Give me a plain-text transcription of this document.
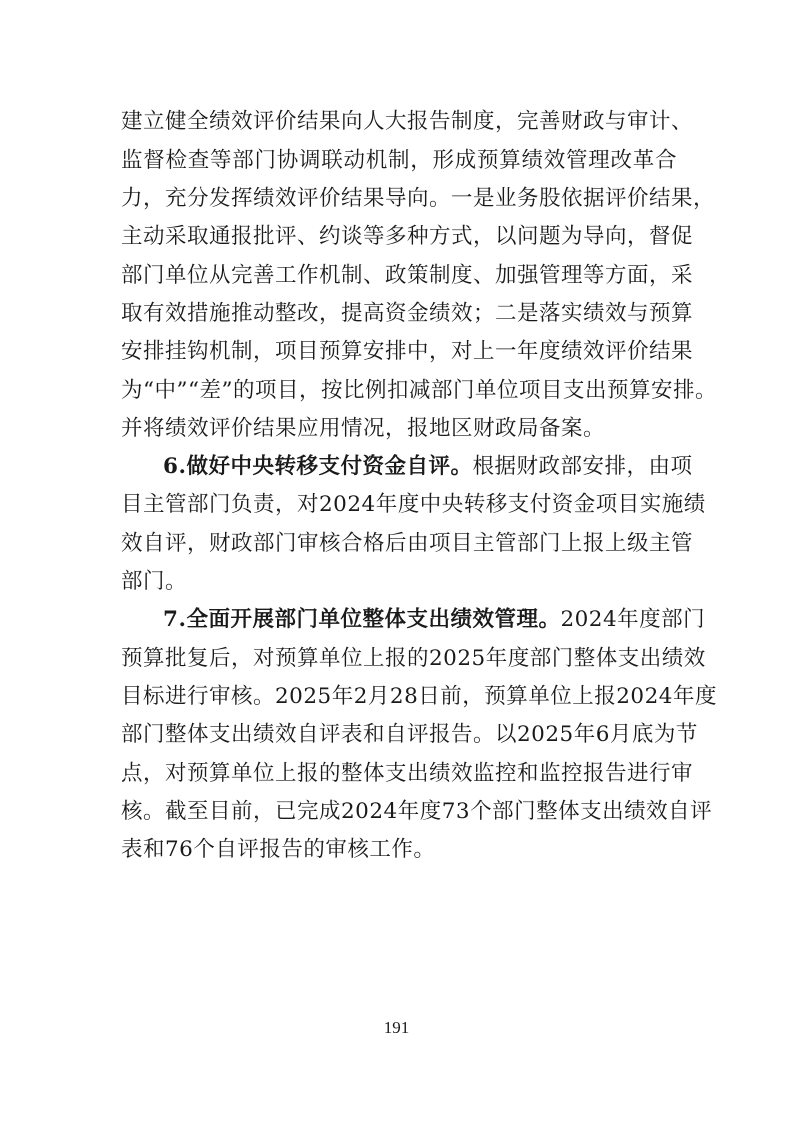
建立健全绩效评价结果向人大报告制度，完善财政与审计、
监督检查等部门协调联动机制，形成预算绩效管理改革合
力，充分发挥绩效评价结果导向。一是业务股依据评价结果，
主动采取通报批评、约谈等多种方式，以问题为导向，督促
部门单位从完善工作机制、政策制度、加强管理等方面，采
取有效措施推动整改，提高资金绩效；二是落实绩效与预算
安排挂钩机制，项目预算安排中，对上一年度绩效评价结果
为“中”“差”的项目，按比例扣减部门单位项目支出预算安排。
并将绩效评价结果应用情况，报地区财政局备案。
6.做好中央转移支付资金自评。根据财政部安排，由项
目主管部门负责，对2024年度中央转移支付资金项目实施绩
效自评，财政部门审核合格后由项目主管部门上报上级主管
部门。
7.全面开展部门单位整体支出绩效管理。2024年度部门
预算批复后，对预算单位上报的2025年度部门整体支出绩效
目标进行审核。2025年2月28日前，预算单位上报2024年度
部门整体支出绩效自评表和自评报告。以2025年6月底为节
点，对预算单位上报的整体支出绩效监控和监控报告进行审
核。截至目前，已完成2024年度73个部门整体支出绩效自评
表和76个自评报告的审核工作。
191
